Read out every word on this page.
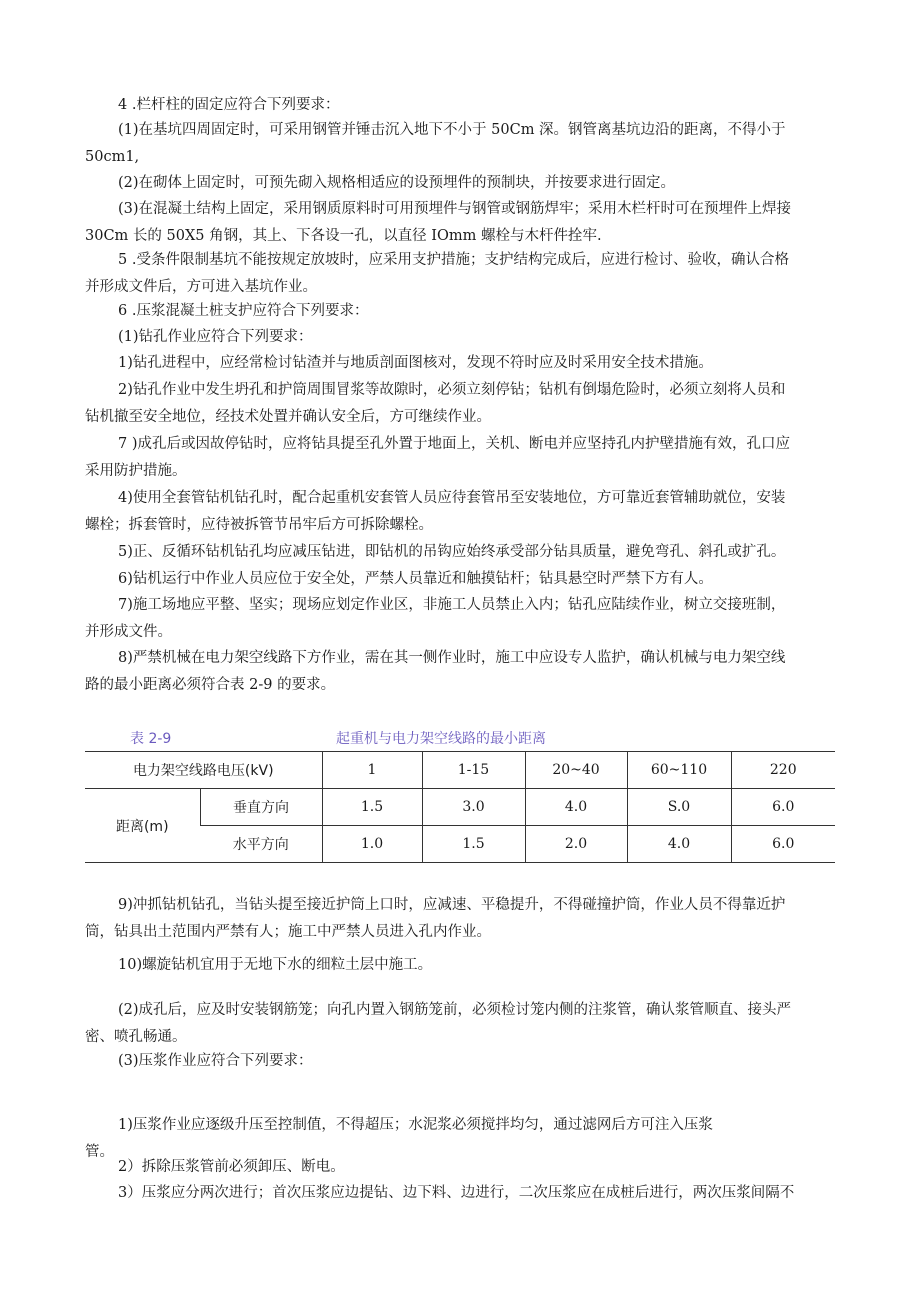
4 .栏杆柱的固定应符合下列要求：

(1)在基坑四周固定时，可采用钢管并锤击沉入地下不小于 50Cm 深。钢管离基坑边沿的距离，不得小于
50cm1,

(2)在砌体上固定时，可预先砌入规格相适应的设预埋件的预制块，并按要求进行固定。

(3)在混凝土结构上固定，采用钢质原料时可用预埋件与钢管或钢筋焊牢；采用木栏杆时可在预埋件上焊接
30Cm 长的 50X5 角钢，其上、下各设一孔，以直径 IOmm 螺栓与木杆件拴牢.

5 .受条件限制基坑不能按规定放坡时，应采用支护措施；支护结构完成后，应进行检讨、验收，确认合格
并形成文件后，方可进入基坑作业。

6 .压浆混凝土桩支护应符合下列要求：

(1)钻孔作业应符合下列要求：

1)钻孔进程中，应经常检讨钻渣并与地质剖面图核对，发现不符时应及时采用安全技术措施。

2)钻孔作业中发生坍孔和护筒周围冒浆等故隙时，必须立刻停钻；钻机有倒塌危险时，必须立刻将人员和
钻机撤至安全地位，经技术处置并确认安全后，方可继续作业。

7 )成孔后或因故停钻时，应将钻具提至孔外置于地面上，关机、断电并应坚持孔内护壁措施有效，孔口应
采用防护措施。

4)使用全套管钻机钻孔时，配合起重机安套管人员应待套管吊至安装地位，方可靠近套管辅助就位，安装
螺栓；拆套管时，应待被拆管节吊牢后方可拆除螺栓。

5)正、反循环钻机钻孔均应减压钻进，即钻机的吊钩应始终承受部分钻具质量，避免弯孔、斜孔或扩孔。

6)钻机运行中作业人员应位于安全处，严禁人员靠近和触摸钻杆；钻具悬空时严禁下方有人。

7)施工场地应平整、坚实；现场应划定作业区，非施工人员禁止入内；钻孔应陆续作业，树立交接班制，
并形成文件。

8)严禁机械在电力架空线路下方作业，需在其一侧作业时，施工中应设专人监护，确认机械与电力架空线
路的最小距离必须符合表 2-9 的要求。

表 2-9	起重机与电力架空线路的最小距离
电力架空线路电压(kV)		1	1-15	20~40	60~110	220
距离(m)	垂直方向	1.5	3.0	4.0	S.0	6.0
	水平方向	1.0	1.5	2.0	4.0	6.0

9)冲抓钻机钻孔，当钻头提至接近护筒上口时，应减速、平稳提升，不得碰撞护筒，作业人员不得靠近护
筒，钻具出土范围内严禁有人；施工中严禁人员进入孔内作业。

10)螺旋钻机宜用于无地下水的细粒土层中施工。

(2)成孔后，应及时安装钢筋笼；向孔内置入钢筋笼前，必须检讨笼内侧的注浆管，确认浆管顺直、接头严
密、喷孔畅通。

(3)压浆作业应符合下列要求：

1)压浆作业应逐级升压至控制值，不得超压；水泥浆必须搅拌均匀，通过滤网后方可注入压浆
管。

2）拆除压浆管前必须卸压、断电。

3）压浆应分两次进行；首次压浆应边提钻、边下料、边进行，二次压浆应在成桩后进行，两次压浆间隔不
